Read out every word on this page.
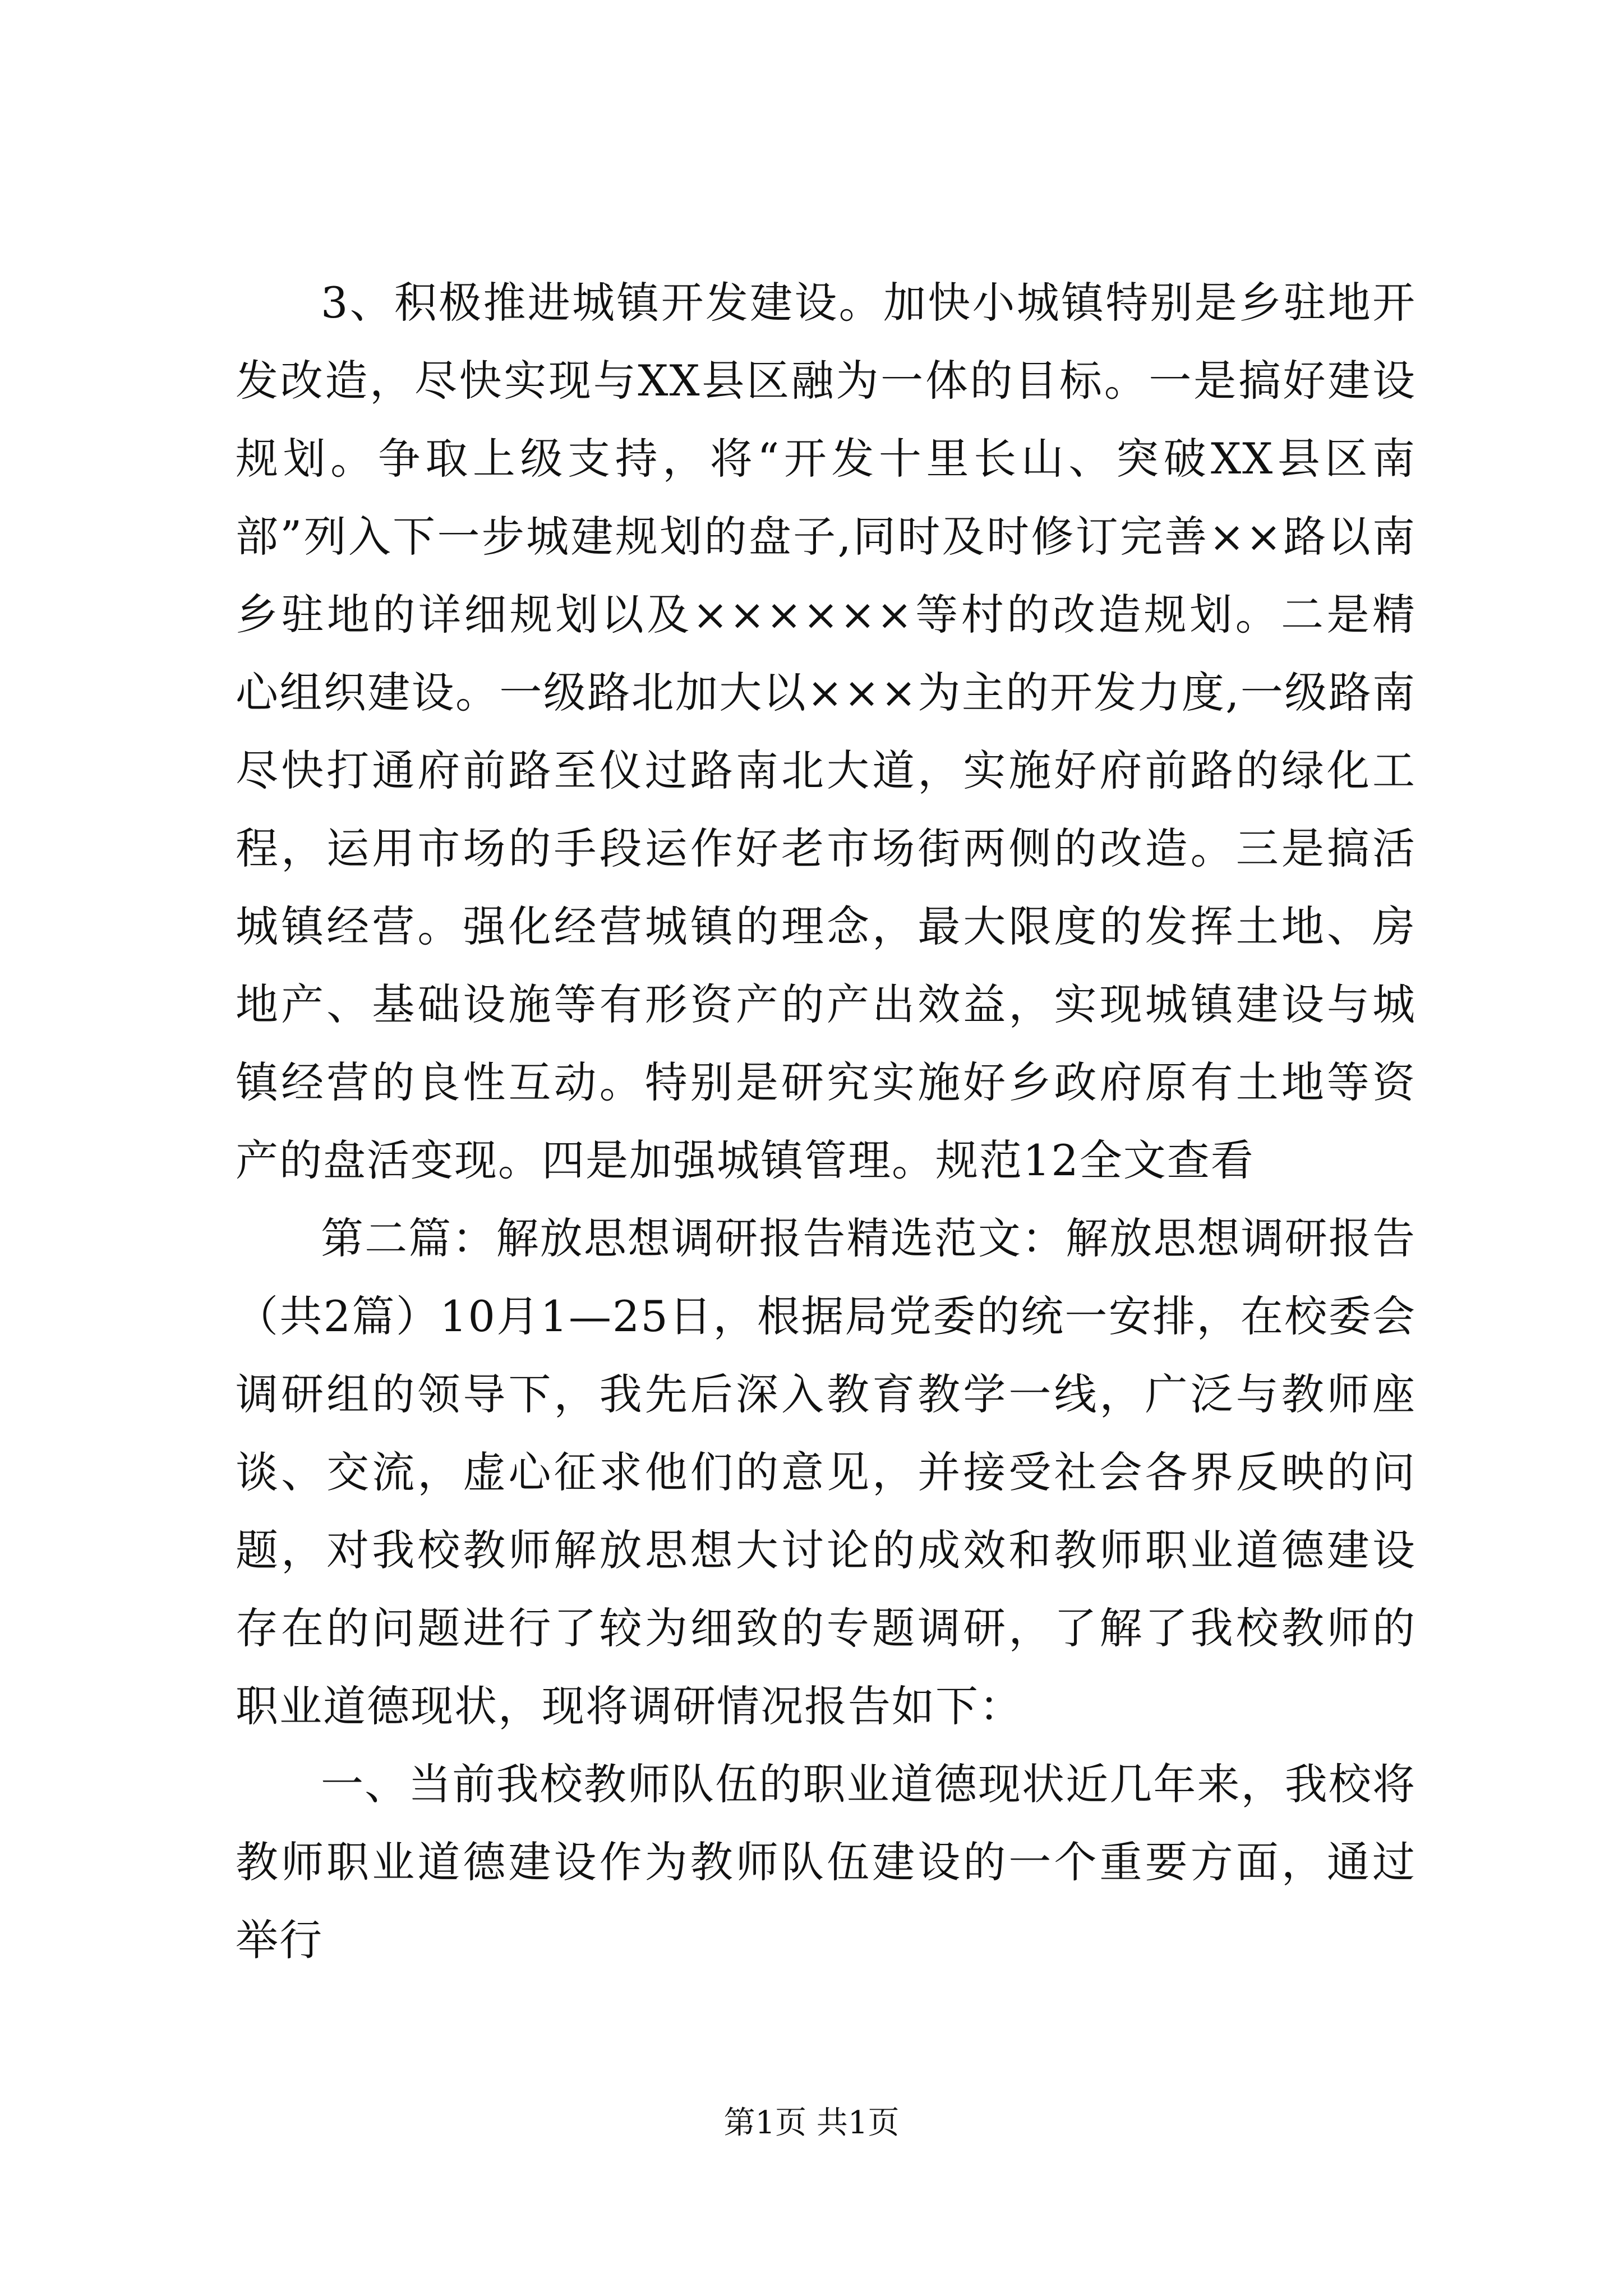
3、积极推进城镇开发建设。加快小城镇特别是乡驻地开发改造，尽快实现与XX县区融为一体的目标。一是搞好建设规划。争取上级支持，将“开发十里长山、突破XX县区南部”列入下一步城建规划的盘子,同时及时修订完善××路以南乡驻地的详细规划以及××××××等村的改造规划。二是精心组织建设。一级路北加大以×××为主的开发力度,一级路南尽快打通府前路至仪过路南北大道，实施好府前路的绿化工程，运用市场的手段运作好老市场街两侧的改造。三是搞活城镇经营。强化经营城镇的理念，最大限度的发挥土地、房地产、基础设施等有形资产的产出效益，实现城镇建设与城镇经营的良性互动。特别是研究实施好乡政府原有土地等资产的盘活变现。四是加强城镇管理。规范12全文查看

第二篇：解放思想调研报告精选范文：解放思想调研报告（共2篇）10月1—25日，根据局党委的统一安排，在校委会调研组的领导下，我先后深入教育教学一线，广泛与教师座谈、交流，虚心征求他们的意见，并接受社会各界反映的问题，对我校教师解放思想大讨论的成效和教师职业道德建设存在的问题进行了较为细致的专题调研，了解了我校教师的职业道德现状，现将调研情况报告如下：

一、当前我校教师队伍的职业道德现状近几年来，我校将教师职业道德建设作为教师队伍建设的一个重要方面，通过举行

第1页 共1页
